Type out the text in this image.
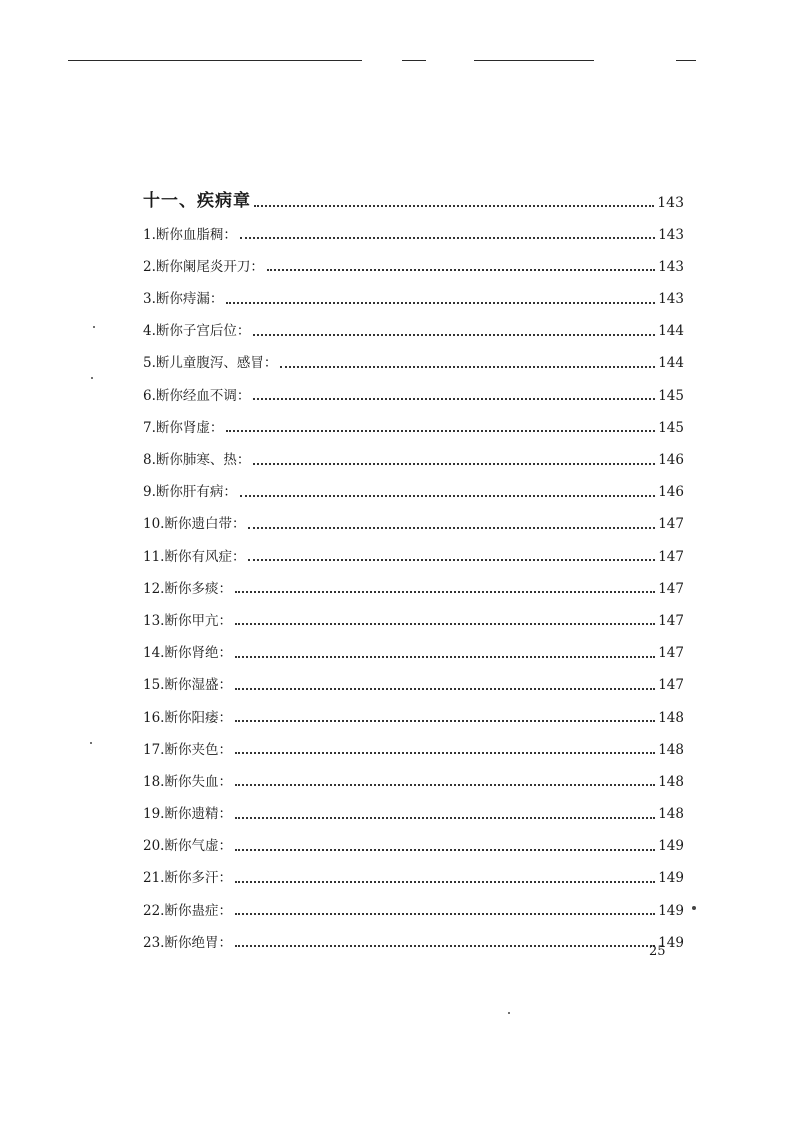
十一、疾病章	143
1.断你血脂稠：	143
2.断你阑尾炎开刀：	143
3.断你痔漏：	143
4.断你子宫后位：	144
5.断儿童腹泻、感冒：	144
6.断你经血不调：	145
7.断你肾虚：	145
8.断你肺寒、热：	146
9.断你肝有病：	146
10.断你遗白带：	147
11.断你有风症：	147
12.断你多痰：	147
13.断你甲亢：	147
14.断你肾绝：	147
15.断你湿盛：	147
16.断你阳痿：	148
17.断你夹色：	148
18.断你失血：	148
19.断你遗精：	148
20.断你气虚：	149
21.断你多汗：	149
22.断你蛊症：	149
23.断你绝胃：	149
25
